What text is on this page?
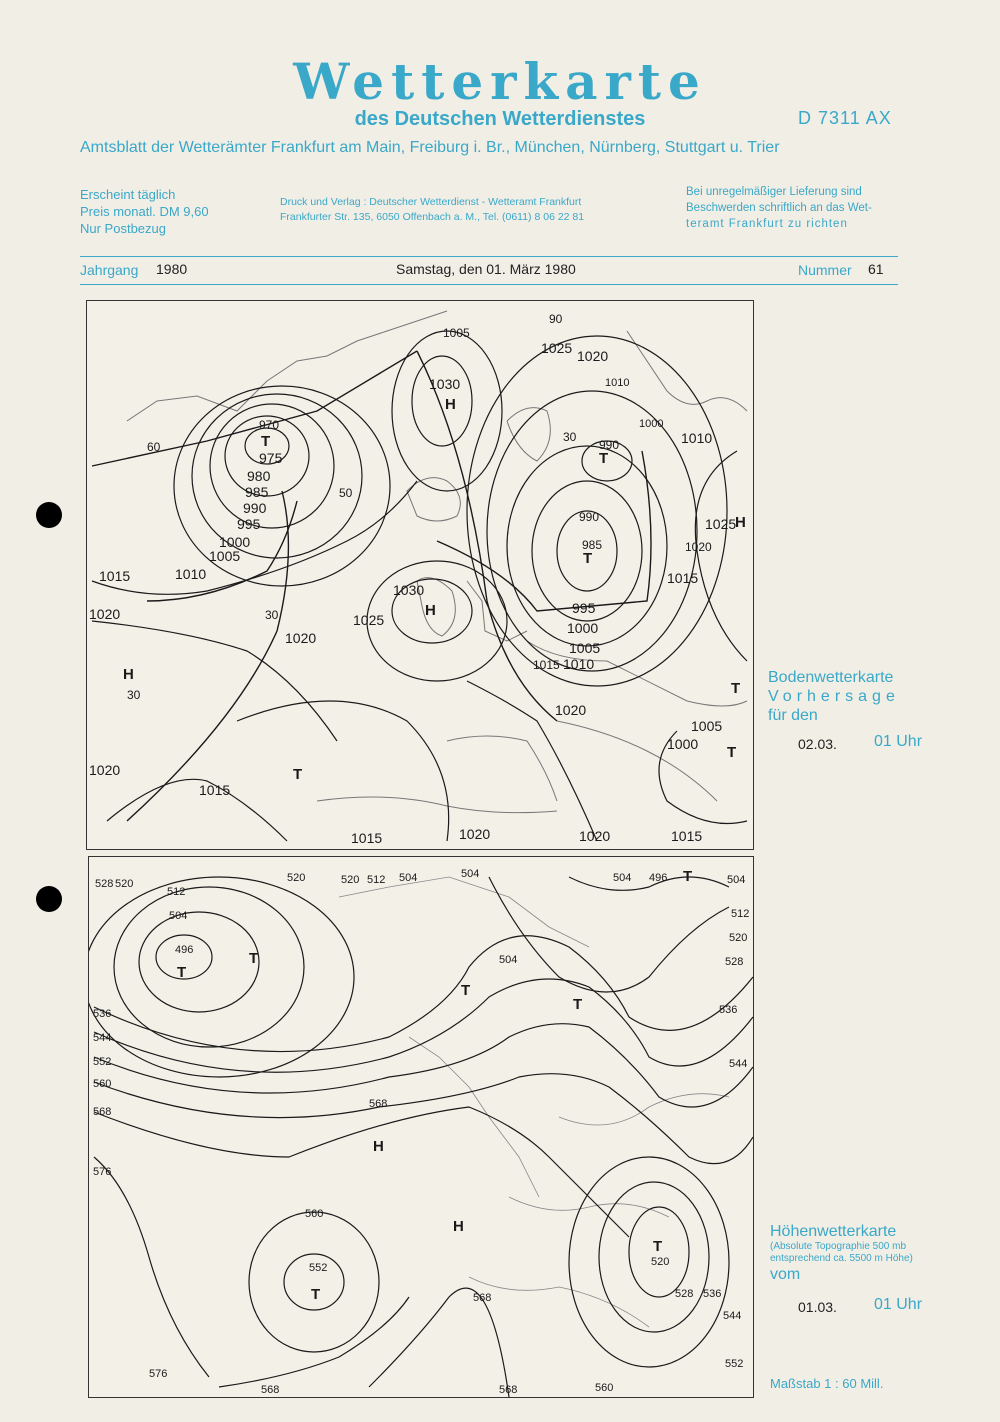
Wetterkarte
des Deutschen Wetterdienstes	D 7311 AX
Amtsblatt der Wetterämter Frankfurt am Main, Freiburg i. Br., München, Nürnberg, Stuttgart u. Trier
Erscheint täglich
Preis monatl. DM 9,60
Nur Postbezug
Druck und Verlag : Deutscher Wetterdienst - Wetteramt Frankfurt
Frankfurter Str. 135, 6050 Offenbach a. M., Tel. (0611) 8 06 22 81
Bei unregelmäßiger Lieferung sind
Beschwerden schriftlich an das Wet-
teramt Frankfurt zu richten
Jahrgang 1980	Samstag, den 01. März 1980	Nummer 61
1015	1010
1020
970
975
980
985
990
995
1000
1005
1030
1025 1020
1010
1000
990
990
985
995
1000
1005
1015 1010
1020
1030
1025
1020
1020
1015
1015	1020	1020	1015
1010
1025
1020
1015
1005
1000
1005
60
50
30
30
30
90
T
H
H
T
T
H
T
H
T
T
Bodenwetterkarte
Vorhersage
für den
02.03. 01 Uhr
528 520
512
504
496
536
544
552
560
568
576
520	520 512 504	504
504
504 496	504
512
520
528
536
544
568
560
552
576
568	568	560
552
568
520
528 536
544
T
T
T
T
T
H
H
T
T
Höhenwetterkarte
(Absolute Topographie 500 mb
entsprechend ca. 5500 m Höhe)
vom
01.03. 01 Uhr
Maßstab 1 : 60 Mill.
